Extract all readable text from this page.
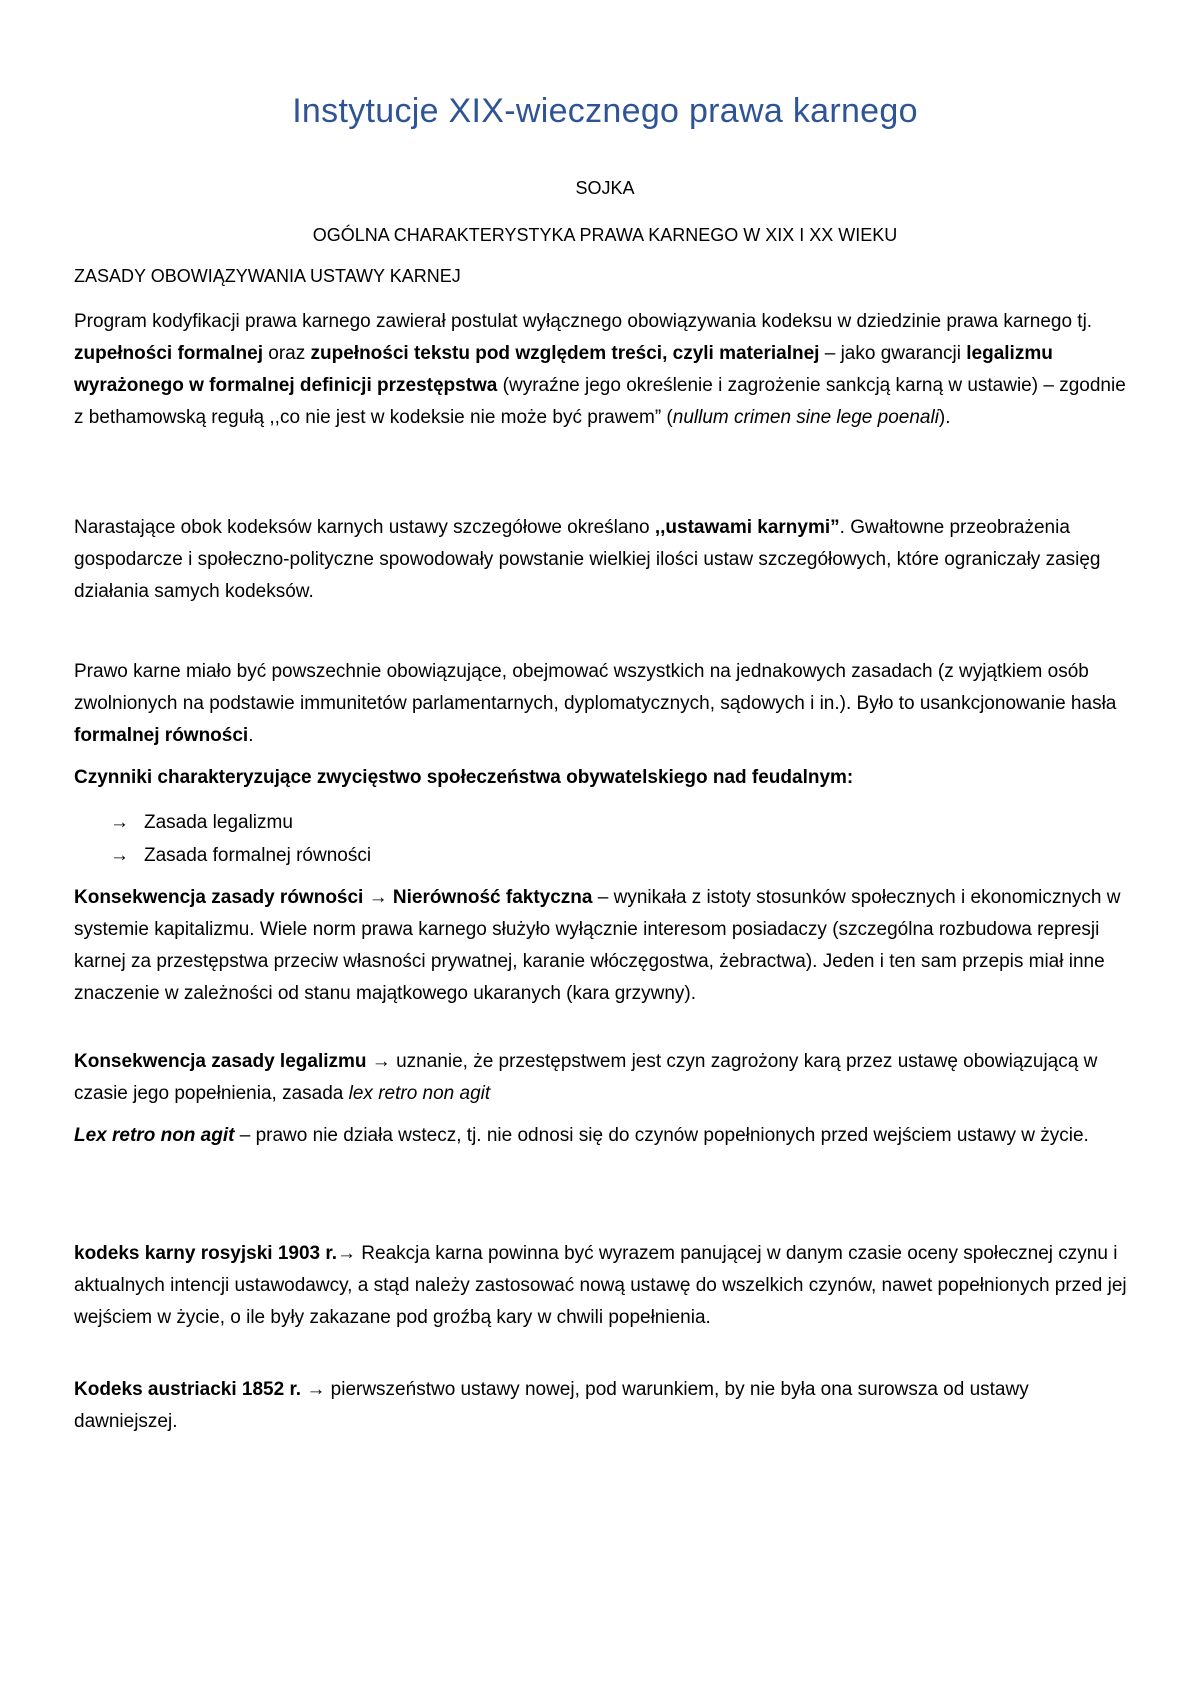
Instytucje XIX-wiecznego prawa karnego

SOJKA

OGÓLNA CHARAKTERYSTYKA PRAWA KARNEGO W XIX I XX WIEKU

ZASADY OBOWIĄZYWANIA USTAWY KARNEJ

Program kodyfikacji prawa karnego zawierał postulat wyłącznego obowiązywania kodeksu w dziedzinie prawa karnego tj. zupełności formalnej oraz zupełności tekstu pod względem treści, czyli materialnej – jako gwarancji legalizmu wyrażonego w formalnej definicji przestępstwa (wyraźne jego określenie i zagrożenie sankcją karną w ustawie) – zgodnie z bethamowską regułą ,,co nie jest w kodeksie nie może być prawem” (nullum crimen sine lege poenali).

Narastające obok kodeksów karnych ustawy szczegółowe określano ,,ustawami karnymi”. Gwałtowne przeobrażenia gospodarcze i społeczno-polityczne spowodowały powstanie wielkiej ilości ustaw szczegółowych, które ograniczały zasięg działania samych kodeksów.

Prawo karne miało być powszechnie obowiązujące, obejmować wszystkich na jednakowych zasadach (z wyjątkiem osób zwolnionych na podstawie immunitetów parlamentarnych, dyplomatycznych, sądowych i in.). Było to usankcjonowanie hasła formalnej równości.

Czynniki charakteryzujące zwycięstwo społeczeństwa obywatelskiego nad feudalnym:

→ Zasada legalizmu
→ Zasada formalnej równości

Konsekwencja zasady równości → Nierówność faktyczna – wynikała z istoty stosunków społecznych i ekonomicznych w systemie kapitalizmu. Wiele norm prawa karnego służyło wyłącznie interesom posiadaczy (szczególna rozbudowa represji karnej za przestępstwa przeciw własności prywatnej, karanie włóczęgostwa, żebractwa). Jeden i ten sam przepis miał inne znaczenie w zależności od stanu majątkowego ukaranych (kara grzywny).

Konsekwencja zasady legalizmu → uznanie, że przestępstwem jest czyn zagrożony karą przez ustawę obowiązującą w czasie jego popełnienia, zasada lex retro non agit

Lex retro non agit – prawo nie działa wstecz, tj. nie odnosi się do czynów popełnionych przed wejściem ustawy w życie.

kodeks karny rosyjski 1903 r.→ Reakcja karna powinna być wyrazem panującej w danym czasie oceny społecznej czynu i aktualnych intencji ustawodawcy, a stąd należy zastosować nową ustawę do wszelkich czynów, nawet popełnionych przed jej wejściem w życie, o ile były zakazane pod groźbą kary w chwili popełnienia.

Kodeks austriacki 1852 r. → pierwszeństwo ustawy nowej, pod warunkiem, by nie była ona surowsza od ustawy dawniejszej.
